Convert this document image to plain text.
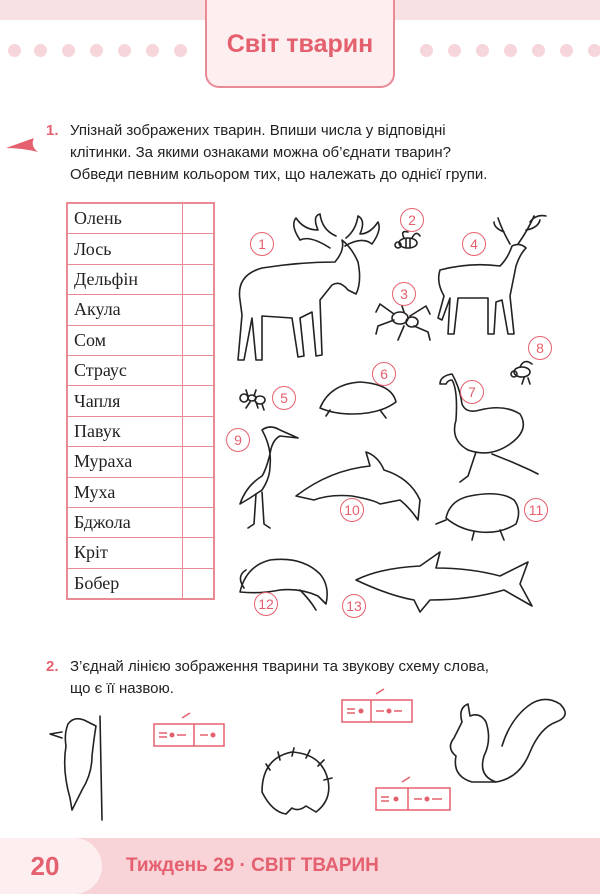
Світ тварин
1. Упізнай зображених тварин. Впиши числа у відповідні
клітинки. За якими ознаками можна об’єднати тварин?
Обведи певним кольором тих, що належать до однієї групи.
Олень	
Лось	
Дельфін	
Акула	
Сом	
Страус	
Чапля	
Павук	
Мураха	
Муха	
Бджола	
Кріт	
Бобер	
1
2
3
4
5
6
7
8
9
10	11
12	13
2. З’єднай лінією зображення тварини та звукову схему слова,
що є її назвою.
20	Тиждень 29 · СВІТ ТВАРИН
